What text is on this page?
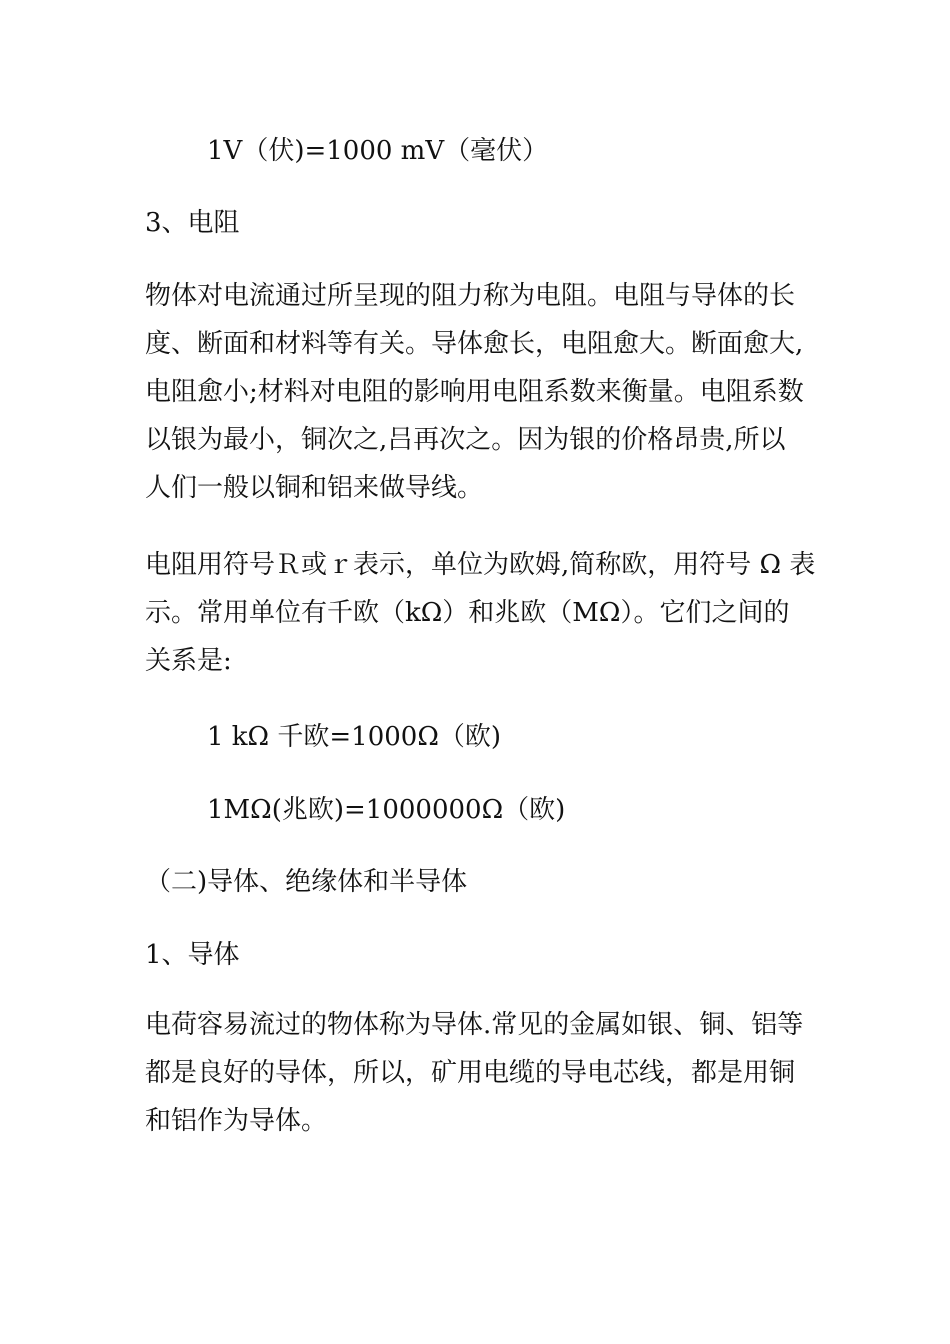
1V（伏)=1000 mV（毫伏）
3、电阻

物体对电流通过所呈现的阻力称为电阻。电阻与导体的长

度、断面和材料等有关。导体愈长，电阻愈大。断面愈大,

电阻愈小;材料对电阻的影响用电阻系数来衡量。电阻系数

以银为最小，铜次之,吕再次之。因为银的价格昂贵,所以

人们一般以铜和铝来做导线。

电阻用符号Ｒ或ｒ表示，单位为欧姆,简称欧，用符号 Ω 表

示。常用单位有千欧（kΩ）和兆欧（MΩ）。它们之间的

关系是:

1 kΩ 千欧=1000Ω（欧)
1MΩ(兆欧)=1000000Ω（欧)
（二)导体、绝缘体和半导体
1、导体

电荷容易流过的物体称为导体.常见的金属如银、铜、铝等

都是良好的导体，所以，矿用电缆的导电芯线，都是用铜

和铝作为导体。
